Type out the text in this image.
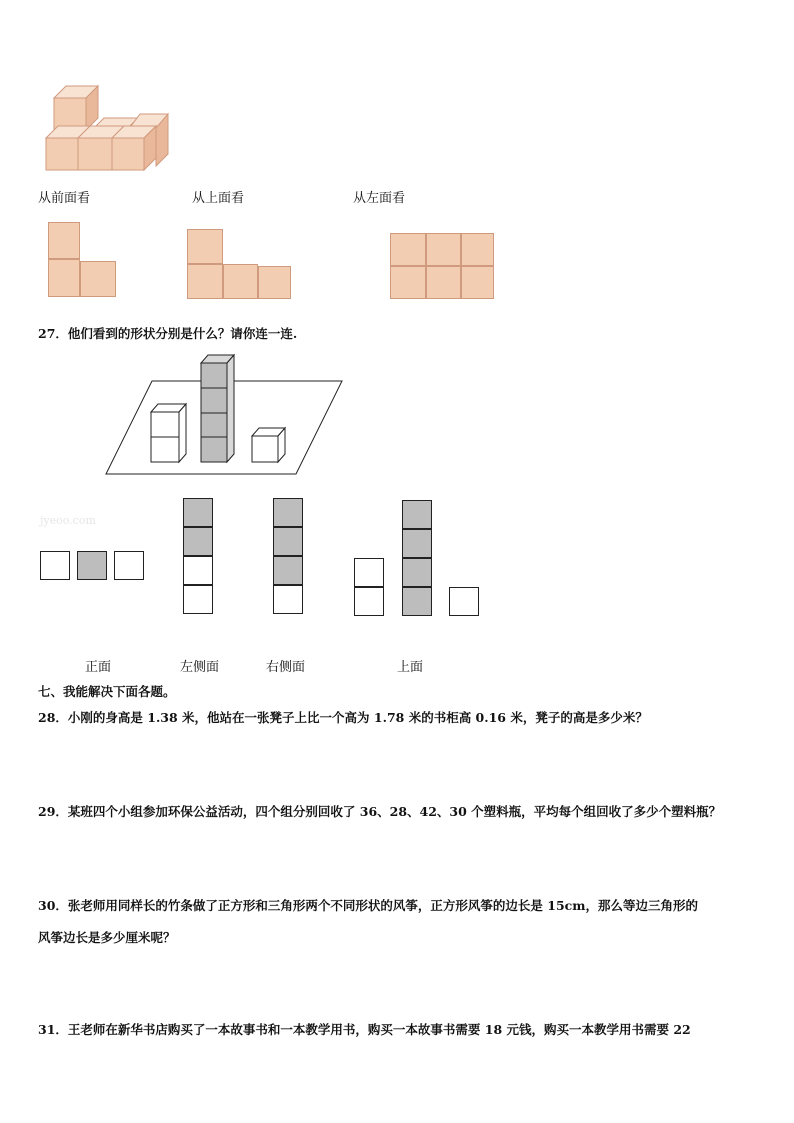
从前面看	从上面看	从左面看
27．他们看到的形状分别是什么？请你连一连.
jyeoo.com
正面	左侧面	右侧面	上面
七、我能解决下面各题。
28．小刚的身高是 1.38 米，他站在一张凳子上比一个高为 1.78 米的书柜高 0.16 米，凳子的高是多少米？
29．某班四个小组参加环保公益活动，四个组分别回收了 36、28、42、30 个塑料瓶，平均每个组回收了多少个塑料瓶？
30．张老师用同样长的竹条做了正方形和三角形两个不同形状的风筝，正方形风筝的边长是 15cm，那么等边三角形的
风筝边长是多少厘米呢？
31．王老师在新华书店购买了一本故事书和一本教学用书，购买一本故事书需要 18 元钱，购买一本教学用书需要 22
